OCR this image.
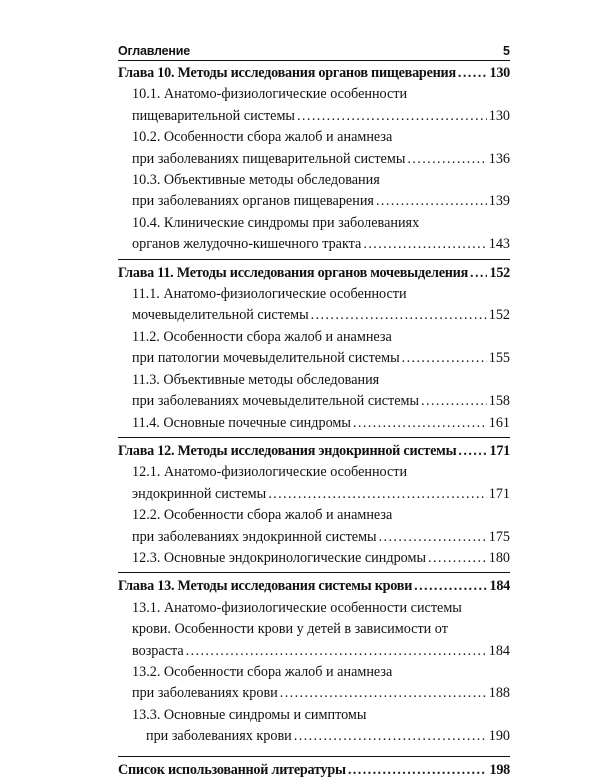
Оглавление	5
Глава 10. Методы исследования органов пищеварения ..... 130
10.1. Анатомо-физиологические особенности
пищеварительной системы .....	130
10.2. Особенности сбора жалоб и анамнеза
при заболеваниях пищеварительной системы .....	136
10.3. Объективные методы обследования
при заболеваниях органов пищеварения .....	139
10.4. Клинические синдромы при заболеваниях
органов желудочно-кишечного тракта .....	143
Глава 11. Методы исследования органов мочевыделения ..... 152
11.1. Анатомо-физиологические особенности
мочевыделительной системы .....	152
11.2. Особенности сбора жалоб и анамнеза
при патологии мочевыделительной системы .....	155
11.3. Объективные методы обследования
при заболеваниях мочевыделительной системы .....	158
11.4. Основные почечные синдромы .....	161
Глава 12. Методы исследования эндокринной системы ..... 171
12.1. Анатомо-физиологические особенности
эндокринной системы .....	171
12.2. Особенности сбора жалоб и анамнеза
при заболеваниях эндокринной системы .....	175
12.3. Основные эндокринологические синдромы .....	180
Глава 13. Методы исследования системы крови .....	184
13.1. Анатомо-физиологические особенности системы
крови. Особенности крови у детей в зависимости от
возраста .....	184
13.2. Особенности сбора жалоб и анамнеза
при заболеваниях крови .....	188
13.3. Основные синдромы и симптомы
при заболеваниях крови .....	190
Список использованной литературы .....	198
